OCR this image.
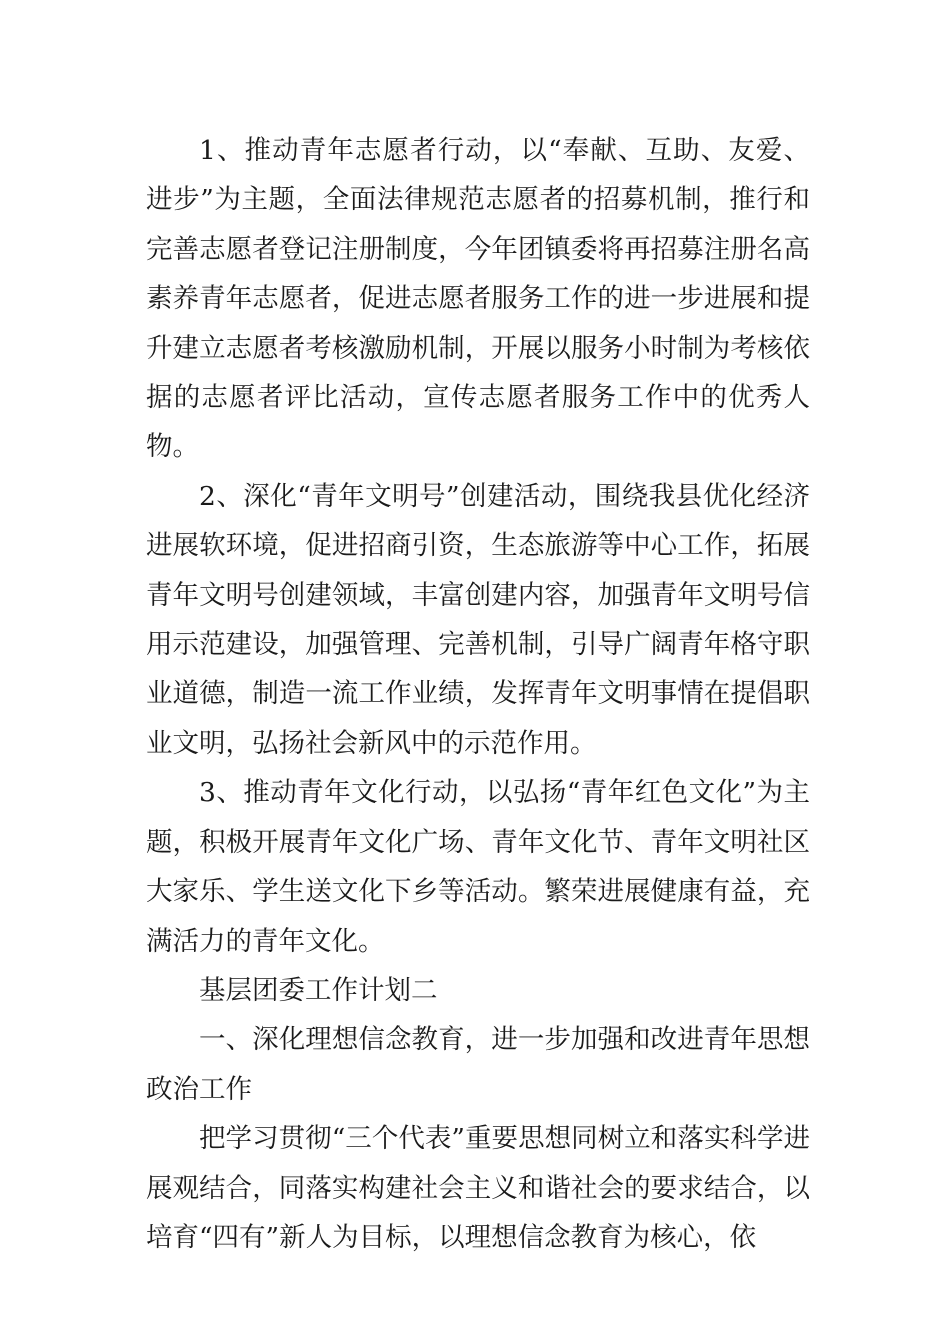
1、推动青年志愿者行动，以“奉献、互助、友爱、进步”为主题，全面法律规范志愿者的招募机制，推行和完善志愿者登记注册制度，今年团镇委将再招募注册名高素养青年志愿者，促进志愿者服务工作的进一步进展和提升建立志愿者考核激励机制，开展以服务小时制为考核依据的志愿者评比活动，宣传志愿者服务工作中的优秀人物。

2、深化“青年文明号”创建活动，围绕我县优化经济进展软环境，促进招商引资，生态旅游等中心工作，拓展青年文明号创建领域，丰富创建内容，加强青年文明号信用示范建设，加强管理、完善机制，引导广阔青年格守职业道德，制造一流工作业绩，发挥青年文明事情在提倡职业文明，弘扬社会新风中的示范作用。

3、推动青年文化行动，以弘扬“青年红色文化”为主题，积极开展青年文化广场、青年文化节、青年文明社区大家乐、学生送文化下乡等活动。繁荣进展健康有益，充满活力的青年文化。

基层团委工作计划二

一、深化理想信念教育，进一步加强和改进青年思想政治工作

把学习贯彻“三个代表”重要思想同树立和落实科学进展观结合，同落实构建社会主义和谐社会的要求结合，以培育“四有”新人为目标，以理想信念教育为核心，依
